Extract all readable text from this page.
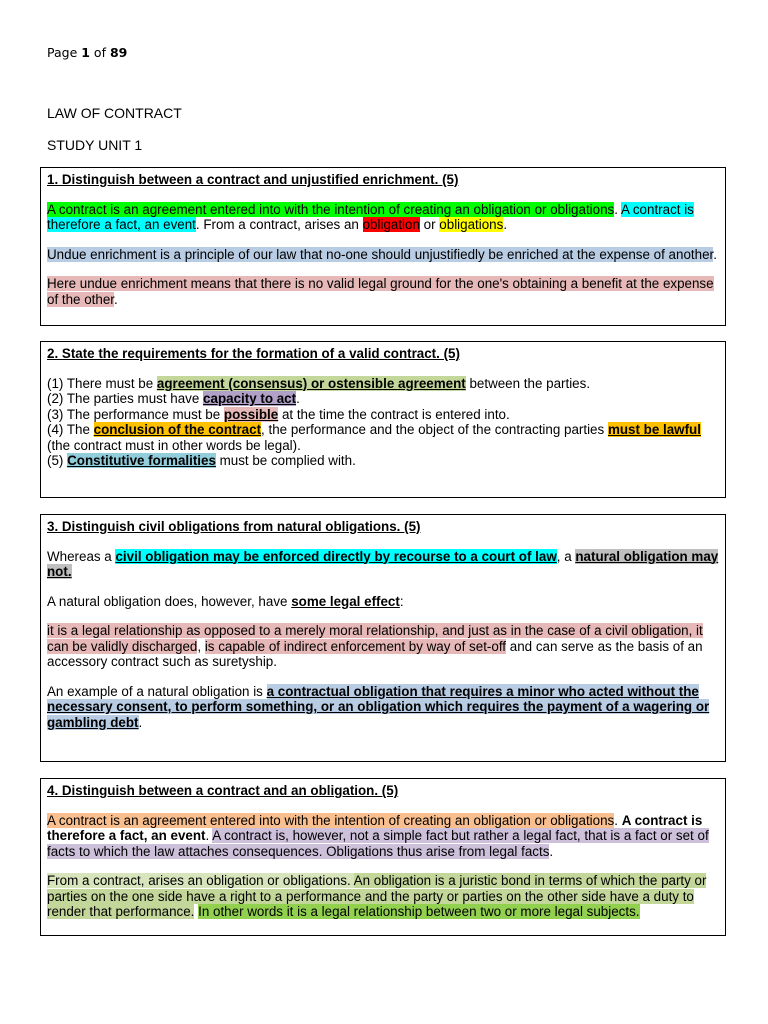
Page 1 of 89
LAW OF CONTRACT
STUDY UNIT 1
1. Distinguish between a contract and unjustified enrichment. (5)

A contract is an agreement entered into with the intention of creating an obligation or obligations. A contract is therefore a fact, an event. From a contract, arises an obligation or obligations.

Undue enrichment is a principle of our law that no-one should unjustifiedly be enriched at the expense of another.

Here undue enrichment means that there is no valid legal ground for the one's obtaining a benefit at the expense of the other.

2. State the requirements for the formation of a valid contract. (5)
(1) There must be agreement (consensus) or ostensible agreement between the parties.
(2) The parties must have capacity to act.
(3) The performance must be possible at the time the contract is entered into.
(4) The conclusion of the contract, the performance and the object of the contracting parties must be lawful (the contract must in other words be legal).
(5) Constitutive formalities must be complied with.
3. Distinguish civil obligations from natural obligations. (5)

Whereas a civil obligation may be enforced directly by recourse to a court of law, a natural obligation may not.

A natural obligation does, however, have some legal effect:

it is a legal relationship as opposed to a merely moral relationship, and just as in the case of a civil obligation, it can be validly discharged, is capable of indirect enforcement by way of set-off and can serve as the basis of an accessory contract such as suretyship.

An example of a natural obligation is a contractual obligation that requires a minor who acted without the necessary consent, to perform something, or an obligation which requires the payment of a wagering or gambling debt.

4. Distinguish between a contract and an obligation. (5)

A contract is an agreement entered into with the intention of creating an obligation or obligations. A contract is therefore a fact, an event. A contract is, however, not a simple fact but rather a legal fact, that is a fact or set of facts to which the law attaches consequences. Obligations thus arise from legal facts.

From a contract, arises an obligation or obligations. An obligation is a juristic bond in terms of which the party or parties on the one side have a right to a performance and the party or parties on the other side have a duty to render that performance. In other words it is a legal relationship between two or more legal subjects.
